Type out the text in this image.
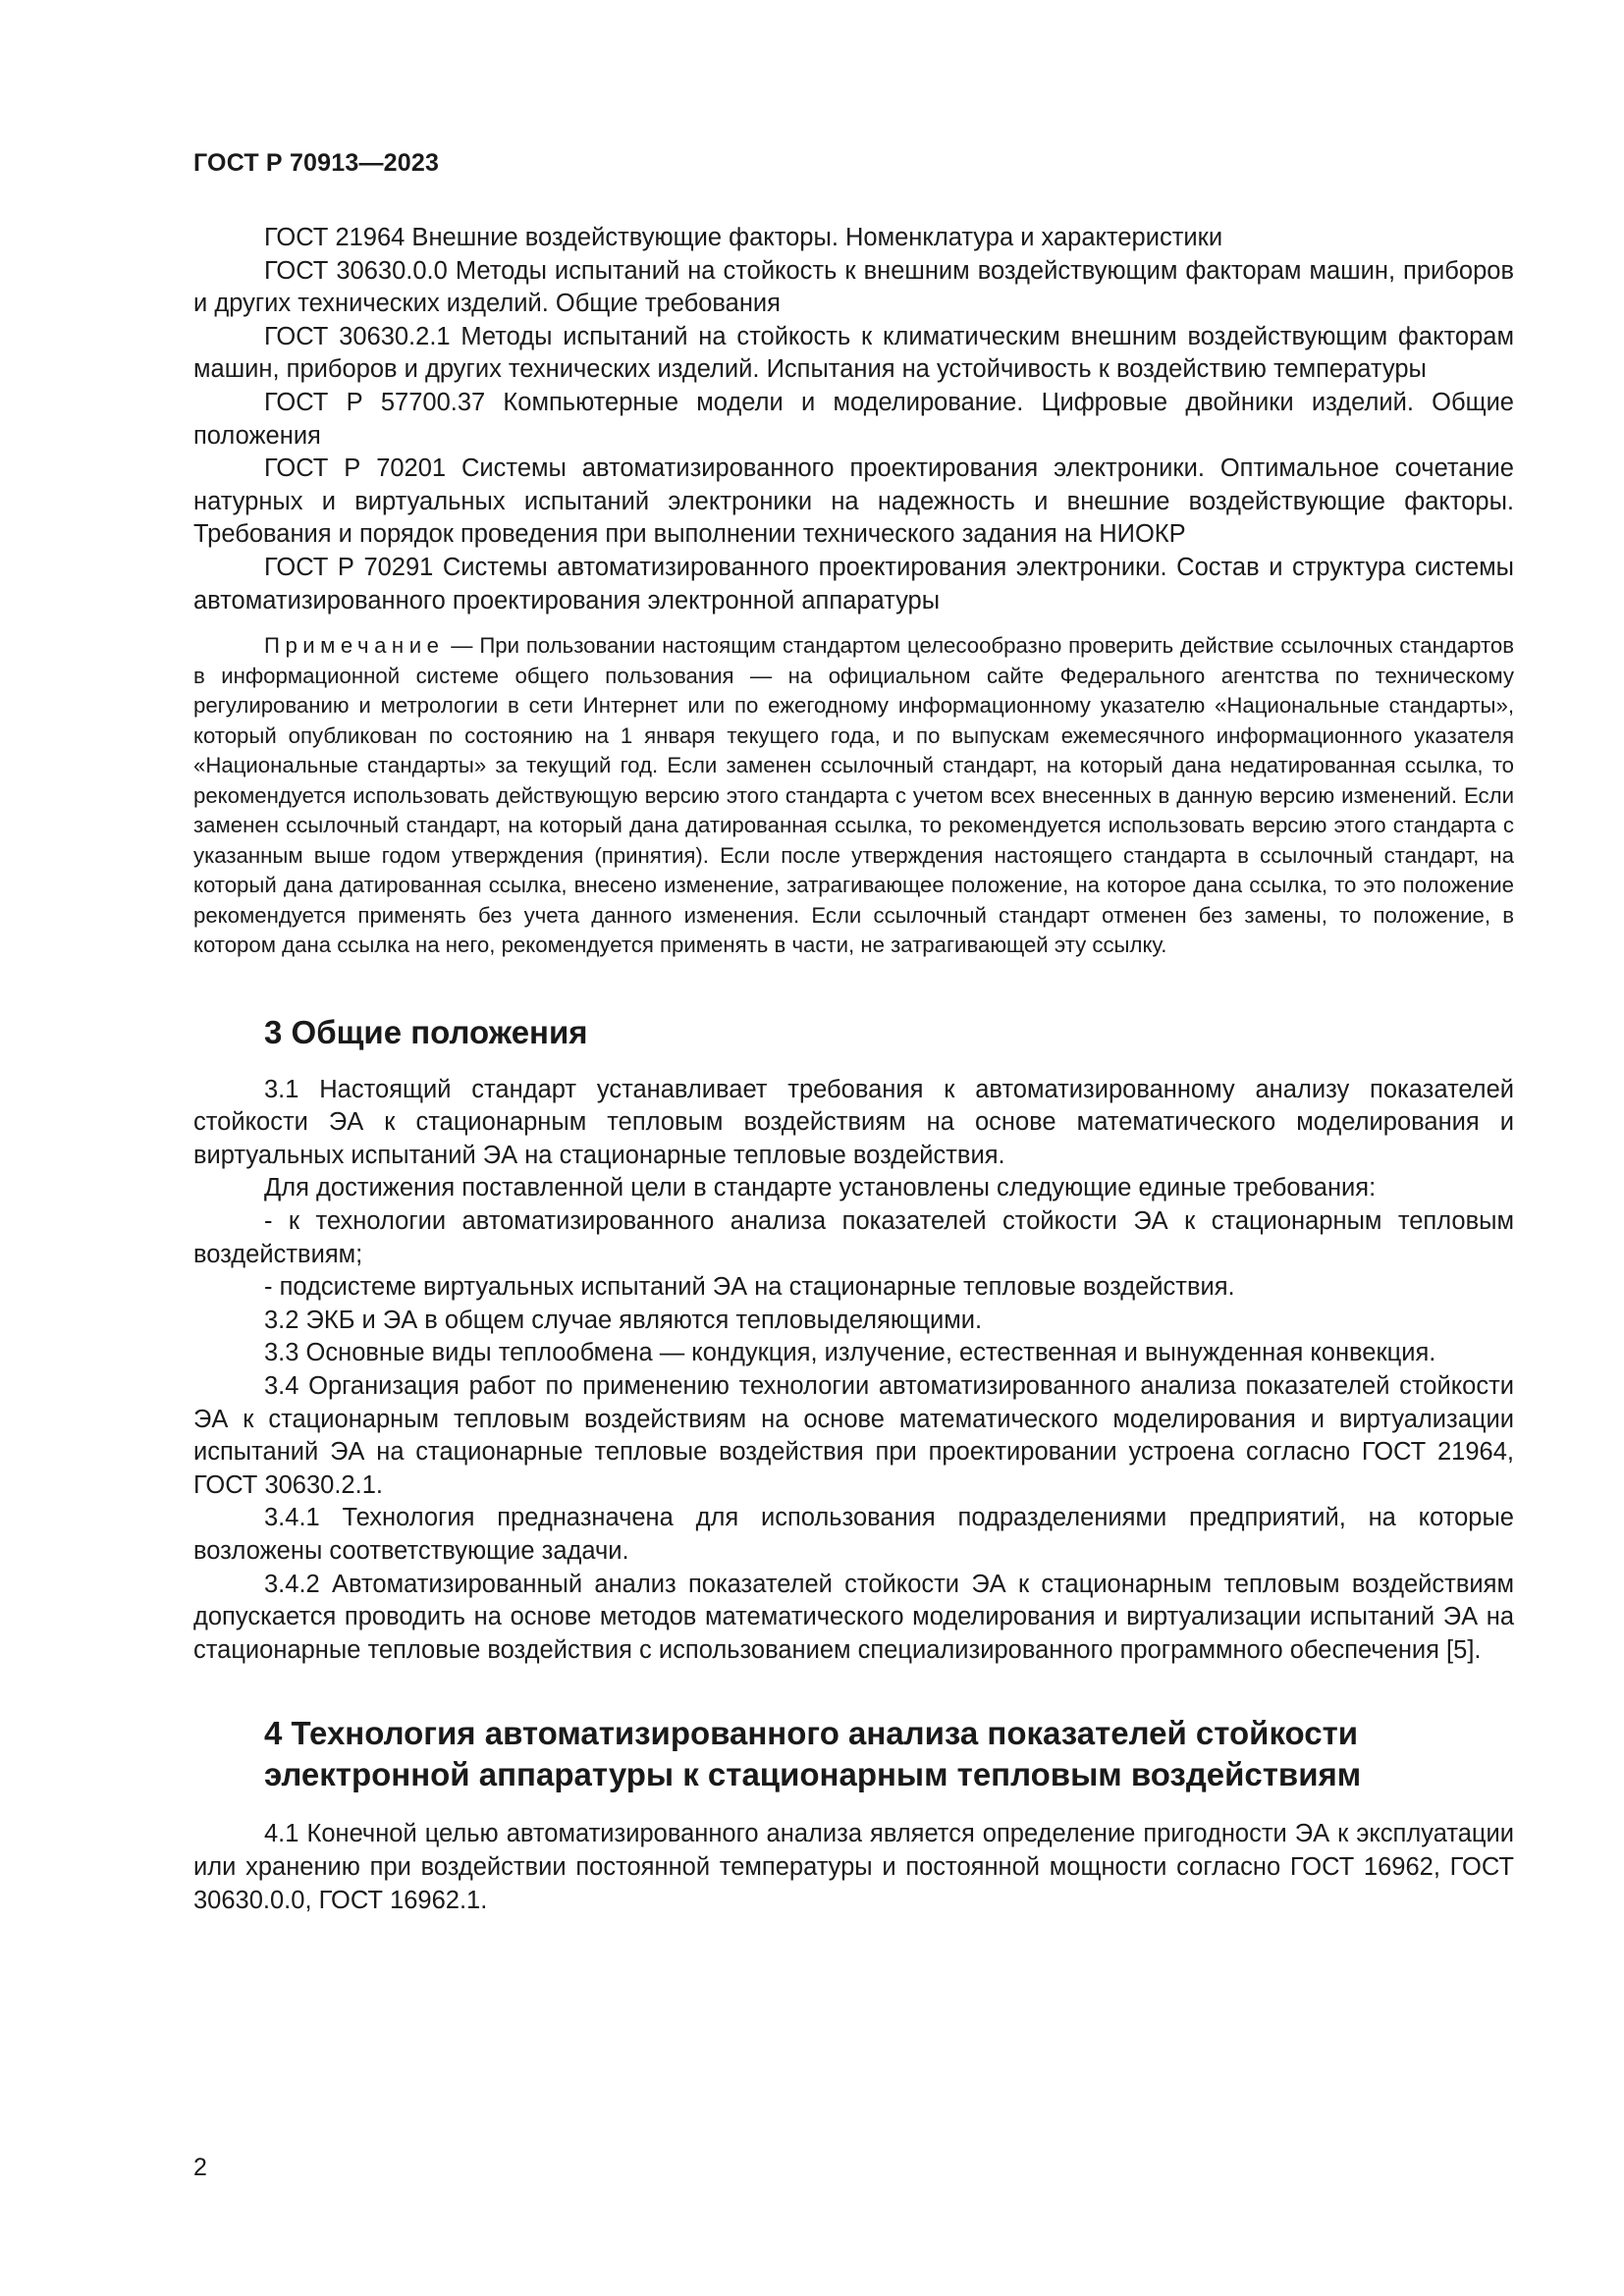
ГОСТ Р 70913—2023

ГОСТ 21964 Внешние воздействующие факторы. Номенклатура и характеристики

ГОСТ 30630.0.0 Методы испытаний на стойкость к внешним воздействующим факторам машин, приборов и других технических изделий. Общие требования

ГОСТ 30630.2.1 Методы испытаний на стойкость к климатическим внешним воздействующим факторам машин, приборов и других технических изделий. Испытания на устойчивость к воздействию температуры

ГОСТ Р 57700.37 Компьютерные модели и моделирование. Цифровые двойники изделий. Общие положения

ГОСТ Р 70201 Системы автоматизированного проектирования электроники. Оптимальное сочетание натурных и виртуальных испытаний электроники на надежность и внешние воздействующие факторы. Требования и порядок проведения при выполнении технического задания на НИОКР

ГОСТ Р 70291 Системы автоматизированного проектирования электроники. Состав и структура системы автоматизированного проектирования электронной аппаратуры

Примечание — При пользовании настоящим стандартом целесообразно проверить действие ссылочных стандартов в информационной системе общего пользования — на официальном сайте Федерального агентства по техническому регулированию и метрологии в сети Интернет или по ежегодному информационному указателю «Национальные стандарты», который опубликован по состоянию на 1 января текущего года, и по выпускам ежемесячного информационного указателя «Национальные стандарты» за текущий год. Если заменен ссылочный стандарт, на который дана недатированная ссылка, то рекомендуется использовать действующую версию этого стандарта с учетом всех внесенных в данную версию изменений. Если заменен ссылочный стандарт, на который дана датированная ссылка, то рекомендуется использовать версию этого стандарта с указанным выше годом утверждения (принятия). Если после утверждения настоящего стандарта в ссылочный стандарт, на который дана датированная ссылка, внесено изменение, затрагивающее положение, на которое дана ссылка, то это положение рекомендуется применять без учета данного изменения. Если ссылочный стандарт отменен без замены, то положение, в котором дана ссылка на него, рекомендуется применять в части, не затрагивающей эту ссылку.

3 Общие положения

3.1 Настоящий стандарт устанавливает требования к автоматизированному анализу показателей стойкости ЭА к стационарным тепловым воздействиям на основе математического моделирования и виртуальных испытаний ЭА на стационарные тепловые воздействия.

Для достижения поставленной цели в стандарте установлены следующие единые требования:

- к технологии автоматизированного анализа показателей стойкости ЭА к стационарным тепловым воздействиям;

- подсистеме виртуальных испытаний ЭА на стационарные тепловые воздействия.

3.2 ЭКБ и ЭА в общем случае являются тепловыделяющими.

3.3 Основные виды теплообмена — кондукция, излучение, естественная и вынужденная конвекция.

3.4 Организация работ по применению технологии автоматизированного анализа показателей стойкости ЭА к стационарным тепловым воздействиям на основе математического моделирования и виртуализации испытаний ЭА на стационарные тепловые воздействия при проектировании устроена согласно ГОСТ 21964, ГОСТ 30630.2.1.

3.4.1 Технология предназначена для использования подразделениями предприятий, на которые возложены соответствующие задачи.

3.4.2 Автоматизированный анализ показателей стойкости ЭА к стационарным тепловым воздействиям допускается проводить на основе методов математического моделирования и виртуализации испытаний ЭА на стационарные тепловые воздействия с использованием специализированного программного обеспечения [5].

4 Технология автоматизированного анализа показателей стойкости
электронной аппаратуры к стационарным тепловым воздействиям

4.1 Конечной целью автоматизированного анализа является определение пригодности ЭА к эксплуатации или хранению при воздействии постоянной температуры и постоянной мощности согласно ГОСТ 16962, ГОСТ 30630.0.0, ГОСТ 16962.1.

2
